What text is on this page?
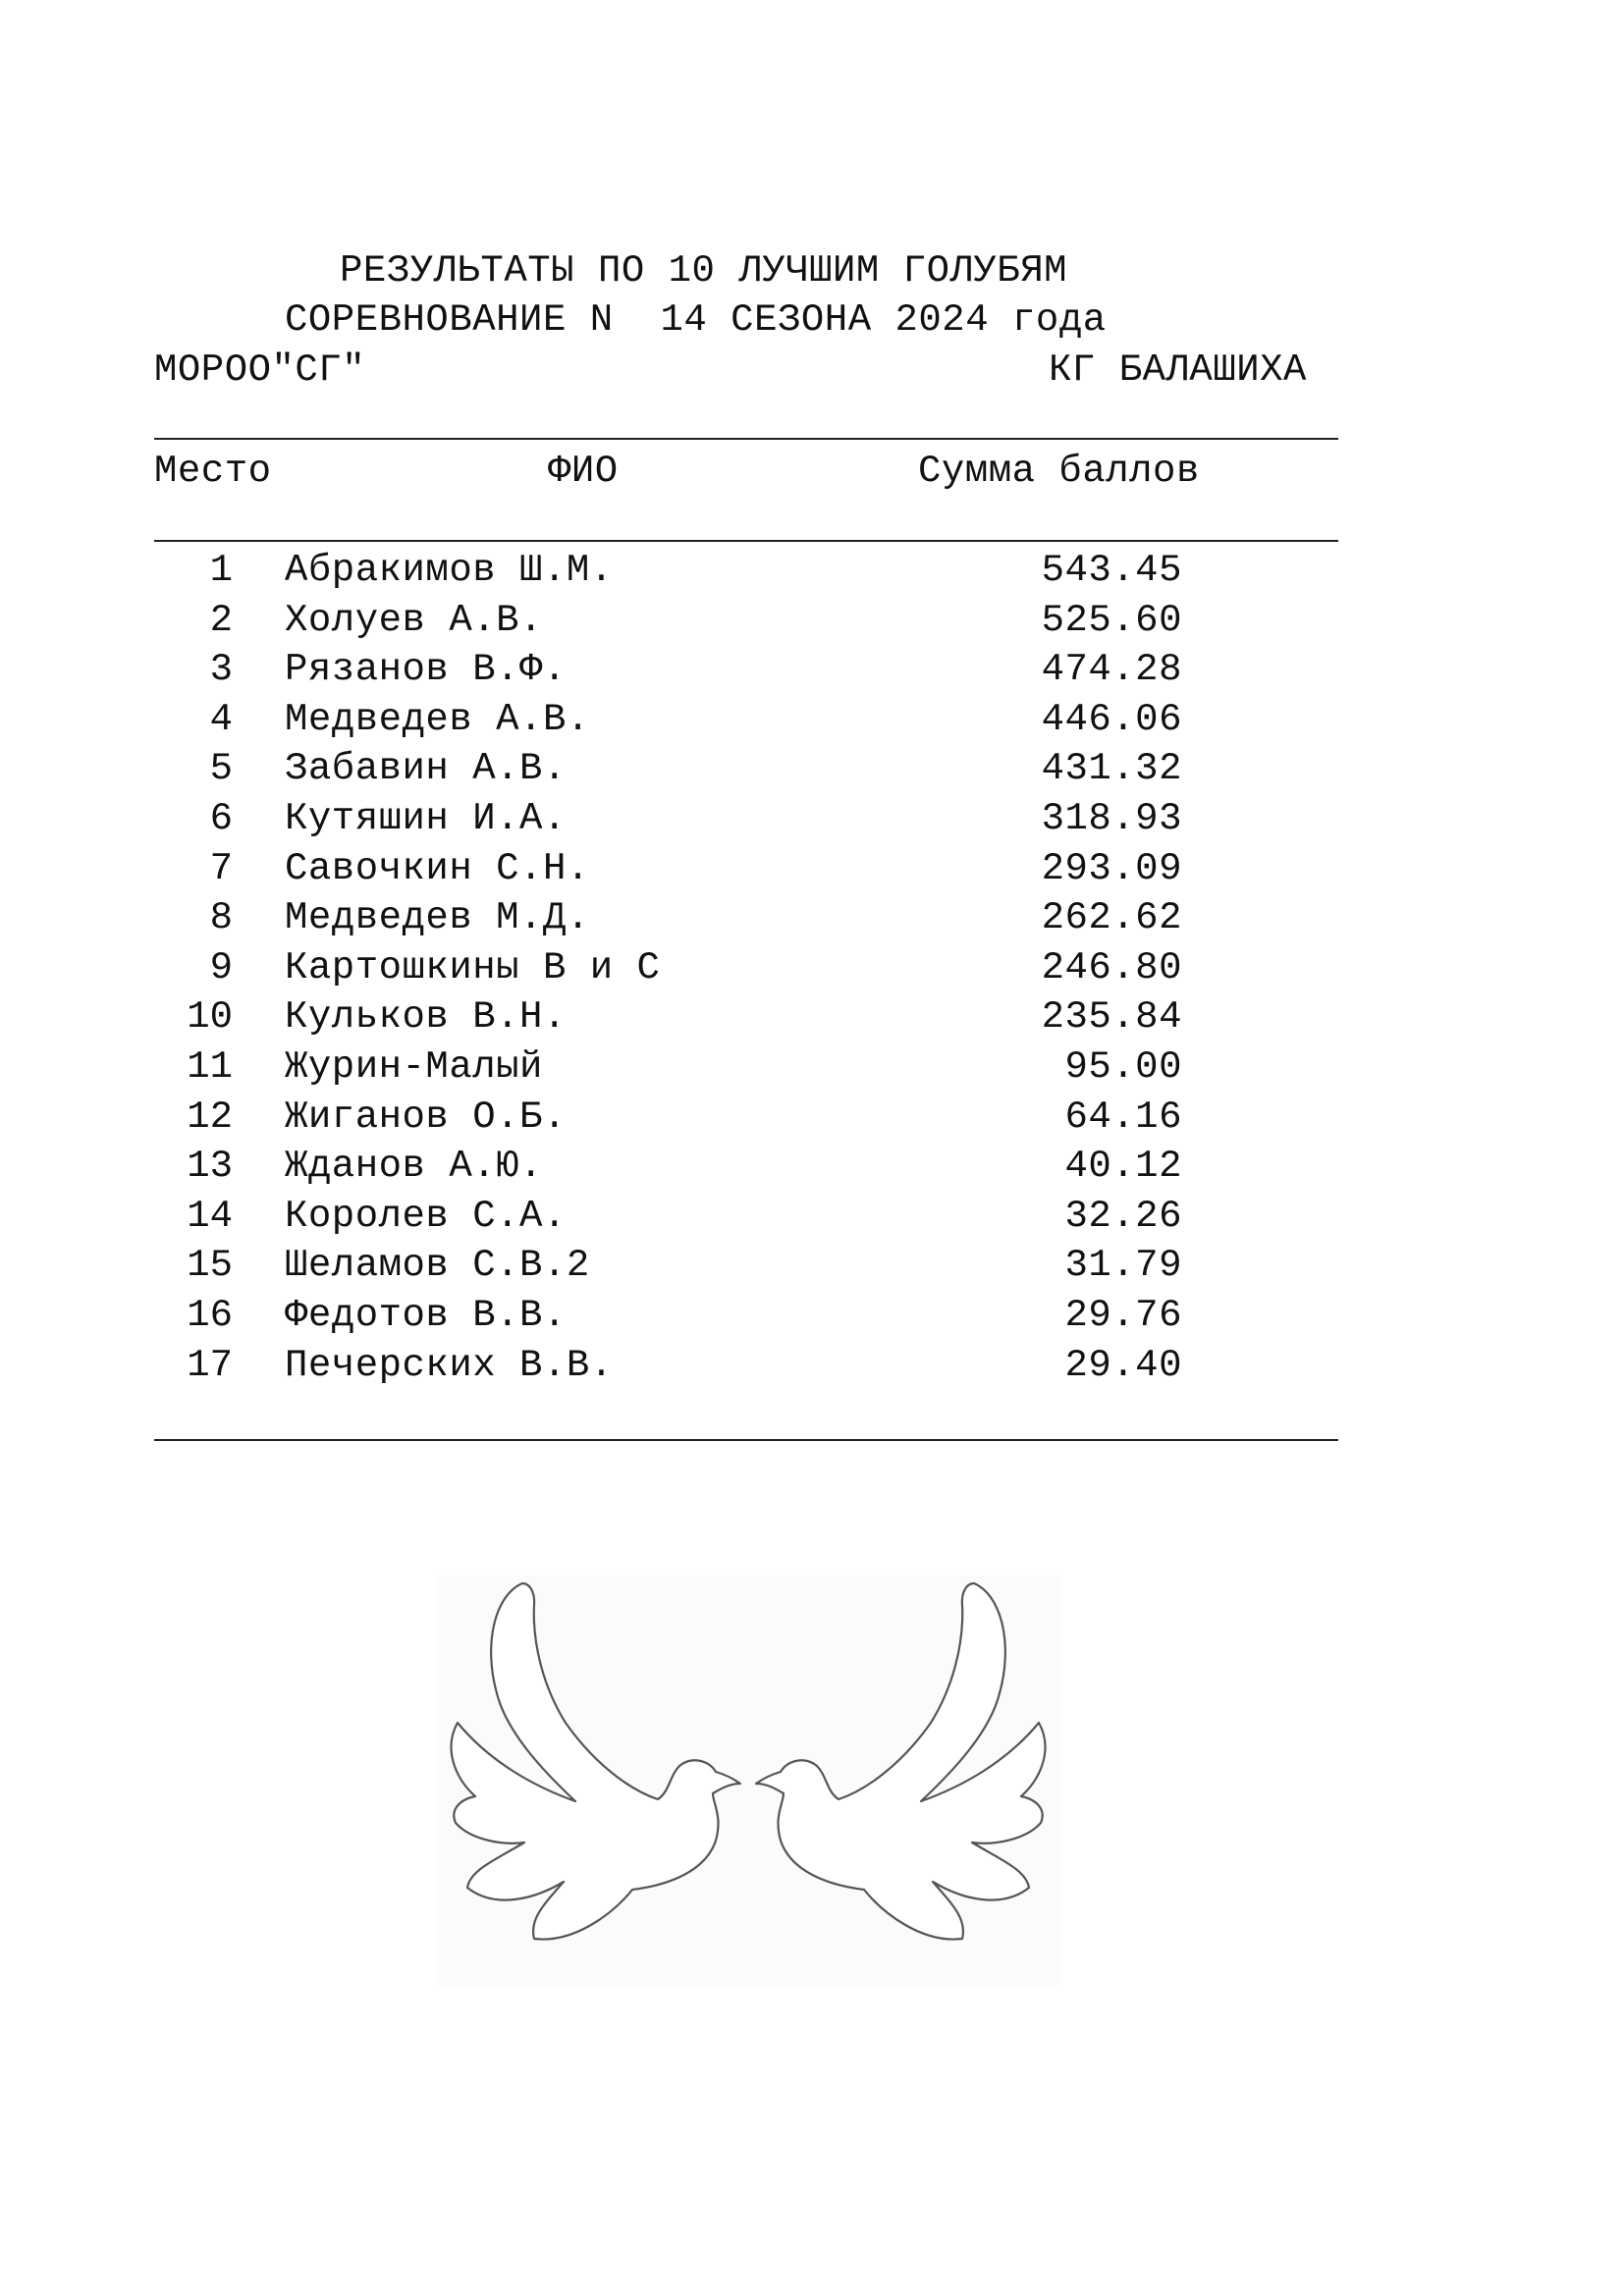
РЕЗУЛЬТАТЫ ПО 10 ЛУЧШИМ ГОЛУБЯМ
СОРЕВНОВАНИЕ N  14 СЕЗОНА 2024 года
МОРОО"СГ"	КГ БАЛАШИХА
Место	ФИО	Сумма баллов
1 Абракимов Ш.М.	543.45
2 Холуев А.В.	525.60
3 Рязанов В.Ф.	474.28
4 Медведев А.В.	446.06
5 Забавин А.В.	431.32
6 Кутяшин И.А.	318.93
7 Савочкин С.Н.	293.09
8 Медведев М.Д.	262.62
9 Картошкины В и С	246.80
10 Кульков В.Н.	235.84
11 Журин-Малый	95.00
12 Жиганов О.Б.	64.16
13 Жданов А.Ю.	40.12
14 Королев С.А.	32.26
15 Шеламов С.В.2	31.79
16 Федотов В.В.	29.76
17 Печерских В.В.	29.40
